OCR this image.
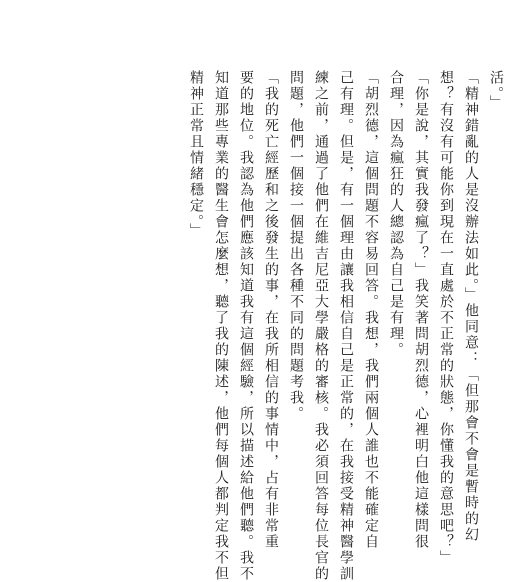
活。」
「精神錯亂的人是沒辦法如此。」他同意：「但那會不會是暫時的幻
想？有沒有可能你到現在一直處於不正常的狀態，你懂我的意思吧？」
「你是說，其實我發瘋了？」我笑著問胡烈德，心裡明白他這樣問很
合理，因為瘋狂的人總認為自己是有理。
「胡烈德，這個問題不容易回答。我想，我們兩個人誰也不能確定自
己有理。但是，有一個理由讓我相信自己是正常的，在我接受精神醫學訓
練之前，通過了他們在維吉尼亞大學嚴格的審核。我必須回答每位長官的
問題，他們一個接一個提出各種不同的問題考我。
「我的死亡經歷和之後發生的事，在我所相信的事情中，占有非常重
要的地位。我認為他們應該知道我有這個經驗，所以描述給他們聽。我不
知道那些專業的醫生會怎麼想，聽了我的陳述，他們每個人都判定我不但
精神正常且情緒穩定。」
